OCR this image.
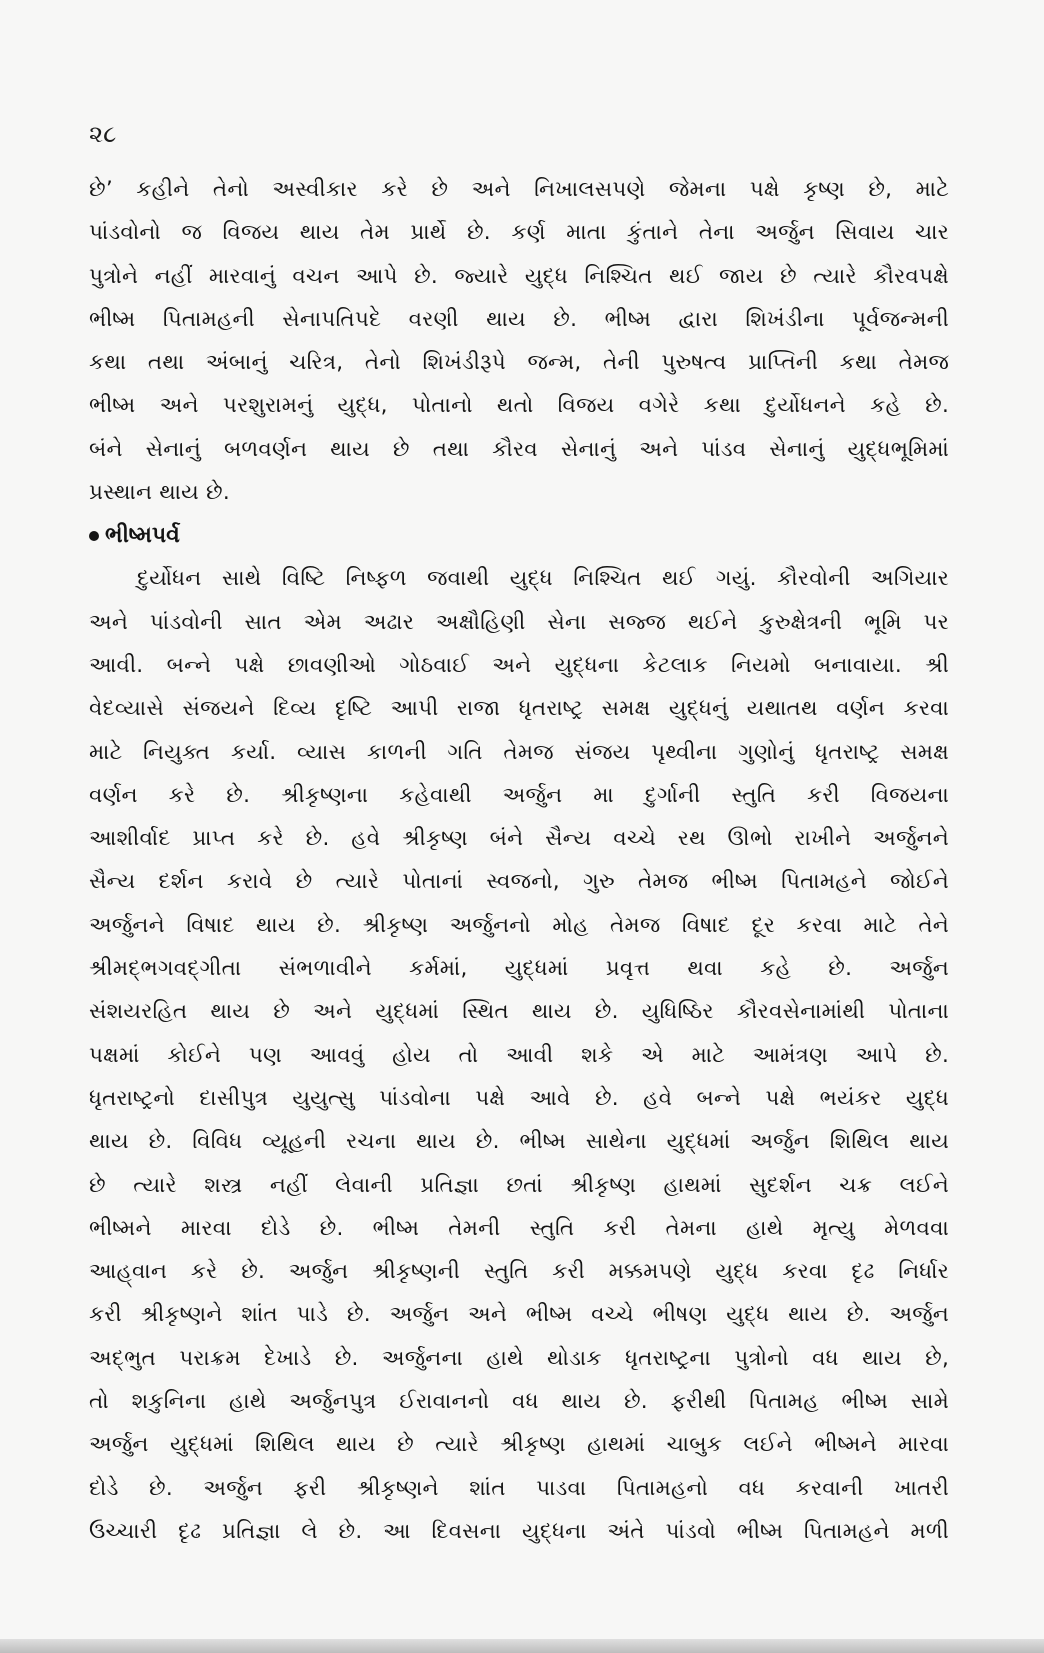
૨૮
છે’ કહીને તેનો અસ્વીકાર કરે છે અને નિખાલસપણે જેમના પક્ષે કૃષ્ણ છે, માટે
પાંડવોનો જ વિજય થાય તેમ પ્રાર્થે છે. કર્ણ માતા કુંતાને તેના અર્જુન સિવાય ચાર
પુત્રોને નહીં મારવાનું વચન આપે છે. જ્યારે યુદ્ધ નિશ્ચિત થઈ જાય છે ત્યારે કૌરવપક્ષે
ભીષ્મ પિતામહની સેનાપતિપદે વરણી થાય છે. ભીષ્મ દ્વારા શિખંડીના પૂર્વજન્મની
કથા તથા અંબાનું ચરિત્ર, તેનો શિખંડીરૂપે જન્મ, તેની પુરુષત્વ પ્રાપ્તિની કથા તેમજ
ભીષ્મ અને પરશુરામનું યુદ્ધ, પોતાનો થતો વિજય વગેરે કથા દુર્યોધનને કહે છે.
બંને સેનાનું બળવર્ણન થાય છે તથા કૌરવ સેનાનું અને પાંડવ સેનાનું યુદ્ધભૂમિમાં
પ્રસ્થાન થાય છે.
ભીષ્મપર્વ
દુર્યોધન સાથે વિષ્ટિ નિષ્ફળ જવાથી યુદ્ધ નિશ્ચિત થઈ ગયું. કૌરવોની અગિયાર
અને પાંડવોની સાત એમ અઢાર અક્ષૌહિણી સેના સજ્જ થઈને કુરુક્ષેત્રની ભૂમિ પર
આવી. બન્ને પક્ષે છાવણીઓ ગોઠવાઈ અને યુદ્ધના કેટલાક નિયમો બનાવાયા. શ્રી
વેદવ્યાસે સંજયને દિવ્ય દૃષ્ટિ આપી રાજા ધૃતરાષ્ટ્ર સમક્ષ યુદ્ધનું યથાતથ વર્ણન કરવા
માટે નિયુક્ત કર્યા. વ્યાસ કાળની ગતિ તેમજ સંજય પૃથ્વીના ગુણોનું ધૃતરાષ્ટ્ર સમક્ષ
વર્ણન કરે છે. શ્રીકૃષ્ણના કહેવાથી અર્જુન મા દુર્ગાની સ્તુતિ કરી વિજયના
આશીર્વાદ પ્રાપ્ત કરે છે. હવે શ્રીકૃષ્ણ બંને સૈન્ય વચ્ચે રથ ઊભો રાખીને અર્જુનને
સૈન્ય દર્શન કરાવે છે ત્યારે પોતાનાં સ્વજનો, ગુરુ તેમજ ભીષ્મ પિતામહને જોઈને
અર્જુનને વિષાદ થાય છે. શ્રીકૃષ્ણ અર્જુનનો મોહ તેમજ વિષાદ દૂર કરવા માટે તેને
શ્રીમદ્ભગવદ્ગીતા સંભળાવીને કર્મમાં, યુદ્ધમાં પ્રવૃત્ત થવા કહે છે. અર્જુન
સંશયરહિત થાય છે અને યુદ્ધમાં સ્થિત થાય છે. યુધિષ્ઠિર કૌરવસેનામાંથી પોતાના
પક્ષમાં કોઈને પણ આવવું હોય તો આવી શકે એ માટે આમંત્રણ આપે છે.
ધૃતરાષ્ટ્રનો દાસીપુત્ર યુયુત્સુ પાંડવોના પક્ષે આવે છે. હવે બન્ને પક્ષે ભયંકર યુદ્ધ
થાય છે. વિવિધ વ્યૂહની રચના થાય છે. ભીષ્મ સાથેના યુદ્ધમાં અર્જુન શિથિલ થાય
છે ત્યારે શસ્ત્ર નહીં લેવાની પ્રતિજ્ઞા છતાં શ્રીકૃષ્ણ હાથમાં સુદર્શન ચક્ર લઈને
ભીષ્મને મારવા દોડે છે. ભીષ્મ તેમની સ્તુતિ કરી તેમના હાથે મૃત્યુ મેળવવા
આહ્‌વાન કરે છે. અર્જુન શ્રીકૃષ્ણની સ્તુતિ કરી મક્કમપણે યુદ્ધ કરવા દૃઢ નિર્ધાર
કરી શ્રીકૃષ્ણને શાંત પાડે છે. અર્જુન અને ભીષ્મ વચ્ચે ભીષણ યુદ્ધ થાય છે. અર્જુન
અદ્‌ભુત પરાક્રમ દેખાડે છે. અર્જુનના હાથે થોડાક ધૃતરાષ્ટ્રના પુત્રોનો વધ થાય છે,
તો શકુનિના હાથે અર્જુનપુત્ર ઈરાવાનનો વધ થાય છે. ફરીથી પિતામહ ભીષ્મ સામે
અર્જુન યુદ્ધમાં શિથિલ થાય છે ત્યારે શ્રીકૃષ્ણ હાથમાં ચાબુક લઈને ભીષ્મને મારવા
દોડે છે. અર્જુન ફરી શ્રીકૃષ્ણને શાંત પાડવા પિતામહનો વધ કરવાની ખાતરી
ઉચ્ચારી દૃઢ પ્રતિજ્ઞા લે છે. આ દિવસના યુદ્ધના અંતે પાંડવો ભીષ્મ પિતામહને મળી
